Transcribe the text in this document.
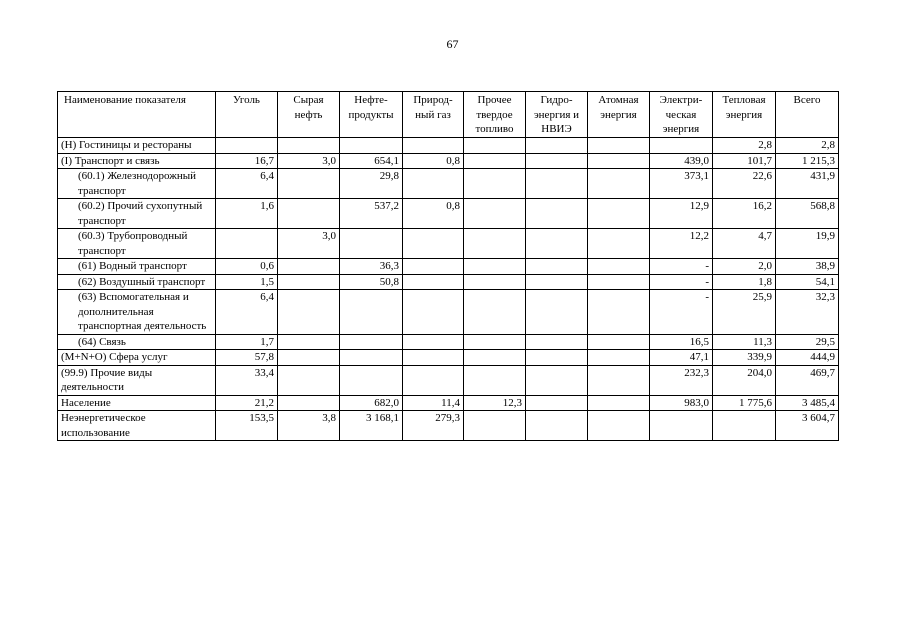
67
Наименование показателя	Уголь	Сырая нефть	Нефте-продукты	Природ-ный газ	Прочее твердое топливо	Гидро-энергия и НВИЭ	Атомная энергия	Электри-ческая энергия	Тепловая энергия	Всего
(H) Гостиницы и рестораны									2,8	2,8
(I) Транспорт и связь	16,7	3,0	654,1	0,8				439,0	101,7	1 215,3
(60.1) Железнодорожный транспорт	6,4		29,8					373,1	22,6	431,9
(60.2) Прочий сухопутный транспорт	1,6		537,2	0,8				12,9	16,2	568,8
(60.3) Трубопроводный транспорт		3,0						12,2	4,7	19,9
(61) Водный транспорт	0,6		36,3					-	2,0	38,9
(62) Воздушный транспорт	1,5		50,8					-	1,8	54,1
(63) Вспомогательная и дополнительная транспортная деятельность	6,4							-	25,9	32,3
(64) Связь	1,7							16,5	11,3	29,5
(M+N+O) Сфера услуг	57,8							47,1	339,9	444,9
(99.9) Прочие виды деятельности	33,4							232,3	204,0	469,7
Население	21,2		682,0	11,4	12,3			983,0	1 775,6	3 485,4
Неэнергетическое использование	153,5	3,8	3 168,1	279,3						3 604,7
